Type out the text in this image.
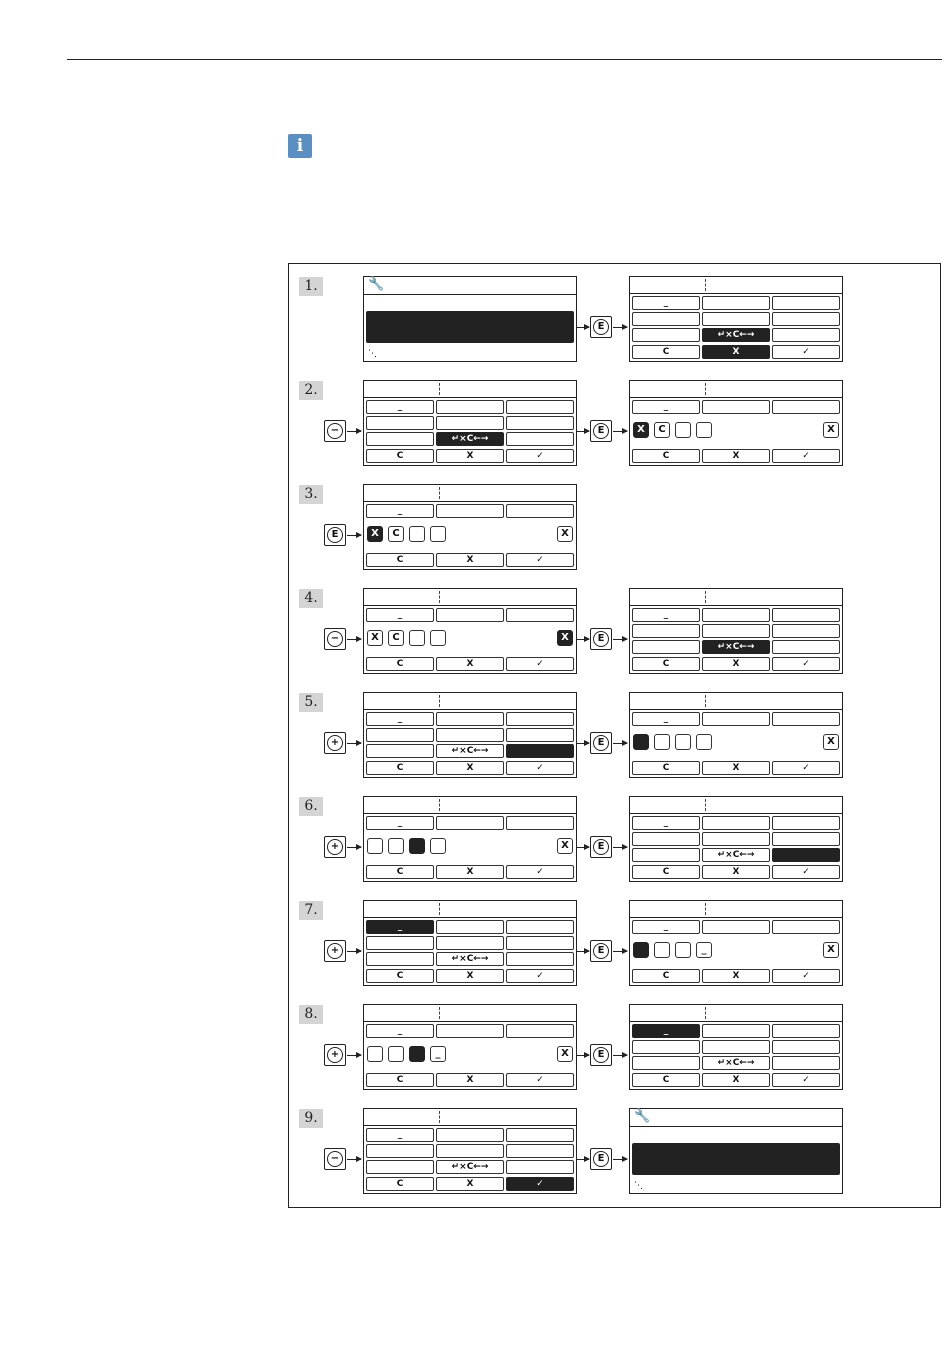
i
1.
2.
3.
4.
5.
6.
7.
8.
9.
🔧
⋱
E
_
↵×C←→
C	X	✓
−
_
↵×C←→
C	X	✓
E
_
X	C	X
C	X	✓
E
_
X	C	X
C	X	✓
−
_
X	C	X
C	X	✓
E
_
↵×C←→
C	X	✓
+
_
↵×C←→
C	X	✓
E
_
X
C	X	✓
+
_
X
C	X	✓
E
_
↵×C←→
C	X	✓
+
_
↵×C←→
C	X	✓
E
_
_	X
C	X	✓
+
_
_	X
C	X	✓
E
_
↵×C←→
C	X	✓
−
_
↵×C←→
C	X	✓
E
🔧
⋱
